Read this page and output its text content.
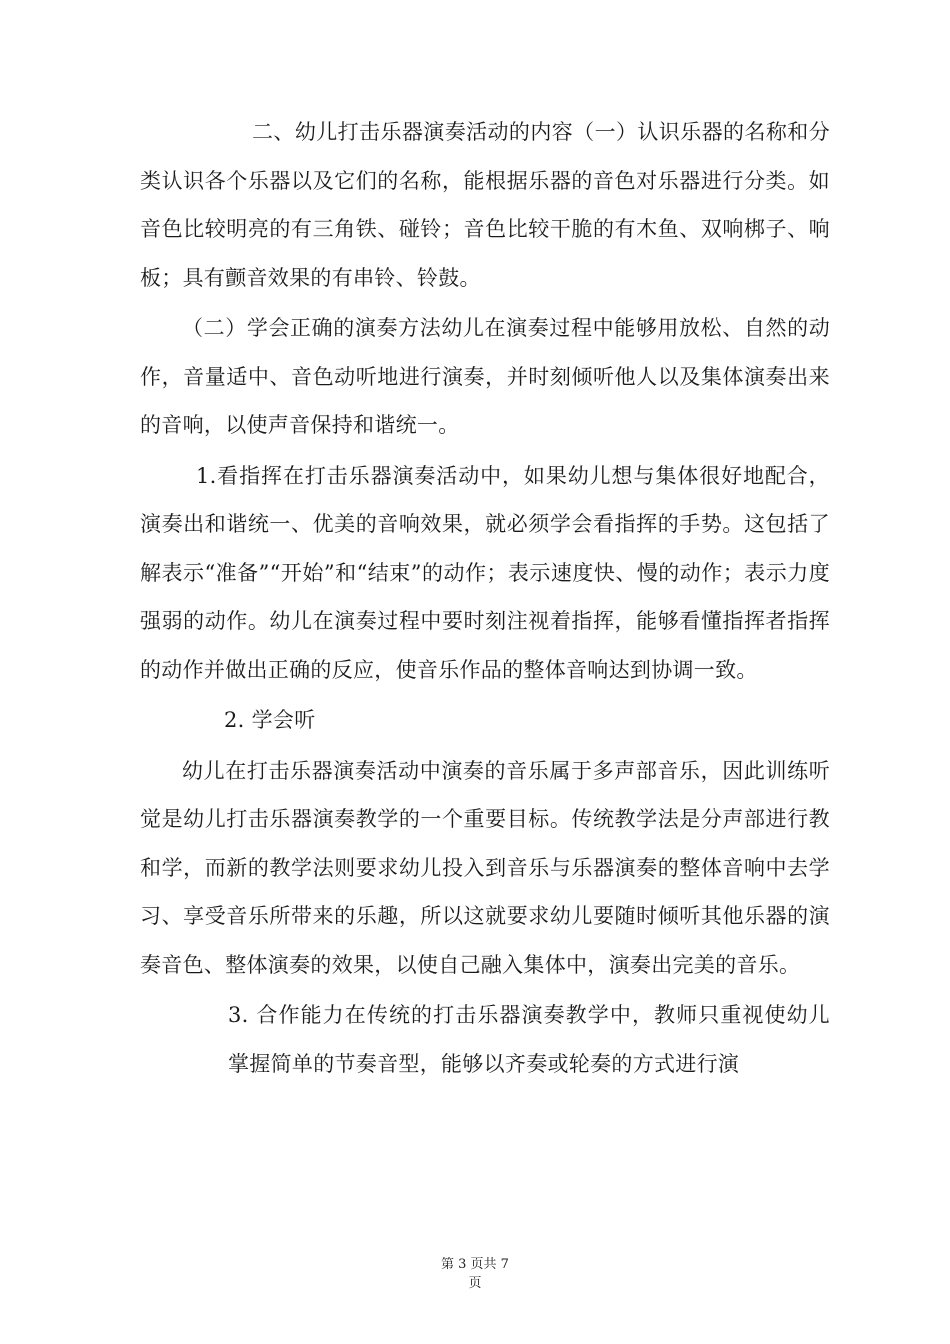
二、幼儿打击乐器演奏活动的内容（一）认识乐器的名称和分类认识各个乐器以及它们的名称，能根据乐器的音色对乐器进行分类。如音色比较明亮的有三角铁、碰铃；音色比较干脆的有木鱼、双响梆子、响板；具有颤音效果的有串铃、铃鼓。

（二）学会正确的演奏方法幼儿在演奏过程中能够用放松、自然的动作，音量适中、音色动听地进行演奏，并时刻倾听他人以及集体演奏出来的音响，以使声音保持和谐统一。

1.看指挥在打击乐器演奏活动中，如果幼儿想与集体很好地配合，演奏出和谐统一、优美的音响效果，就必须学会看指挥的手势。这包括了解表示“准备”“开始”和“结束”的动作；表示速度快、慢的动作；表示力度强弱的动作。幼儿在演奏过程中要时刻注视着指挥，能够看懂指挥者指挥的动作并做出正确的反应，使音乐作品的整体音响达到协调一致。

2. 学会听

幼儿在打击乐器演奏活动中演奏的音乐属于多声部音乐，因此训练听觉是幼儿打击乐器演奏教学的一个重要目标。传统教学法是分声部进行教和学，而新的教学法则要求幼儿投入到音乐与乐器演奏的整体音响中去学习、享受音乐所带来的乐趣，所以这就要求幼儿要随时倾听其他乐器的演奏音色、整体演奏的效果，以使自己融入集体中，演奏出完美的音乐。

3. 合作能力在传统的打击乐器演奏教学中，教师只重视使幼儿掌握简单的节奏音型，能够以齐奏或轮奏的方式进行演

第 3 页共 7
页
